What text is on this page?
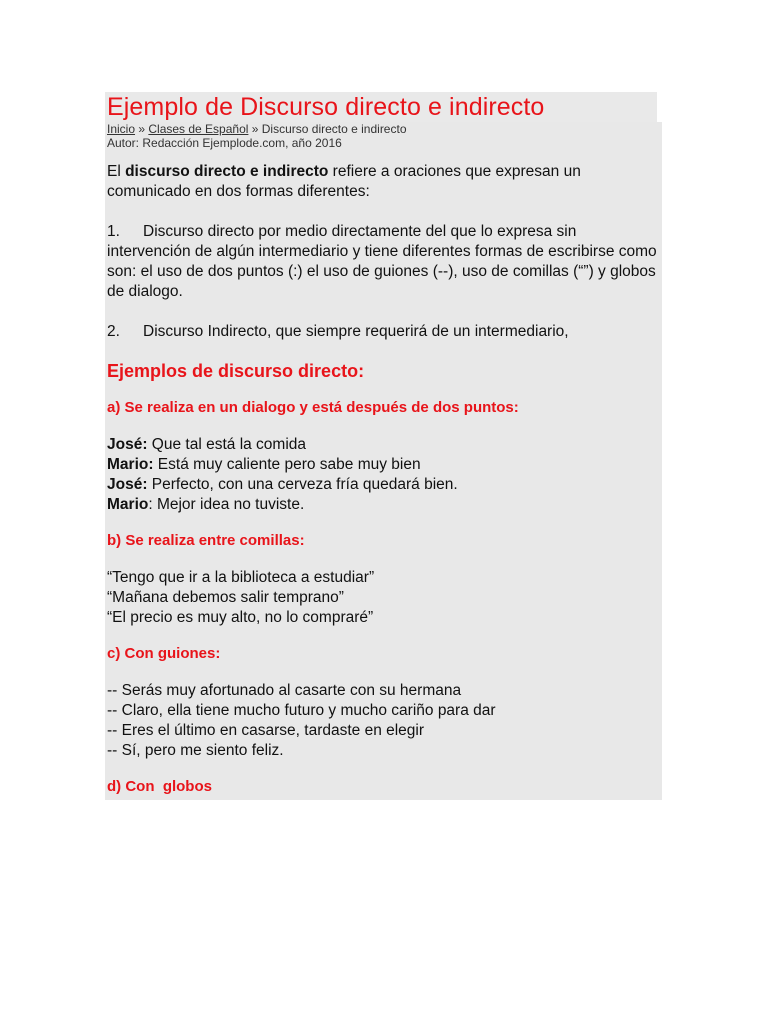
Ejemplo de Discurso directo e indirecto
Inicio » Clases de Español » Discurso directo e indirecto
Autor: Redacción Ejemplode.com, año 2016

El discurso directo e indirecto refiere a oraciones que expresan un comunicado en dos formas diferentes:

1. Discurso directo por medio directamente del que lo expresa sin intervención de algún intermediario y tiene diferentes formas de escribirse como son: el uso de dos puntos (:) el uso de guiones (--), uso de comillas (“”) y globos de dialogo.

2. Discurso Indirecto, que siempre requerirá de un intermediario,

Ejemplos de discurso directo:
a) Se realiza en un dialogo y está después de dos puntos:
José: Que tal está la comida
Mario: Está muy caliente pero sabe muy bien
José: Perfecto, con una cerveza fría quedará bien.
Mario: Mejor idea no tuviste.
b) Se realiza entre comillas:
“Tengo que ir a la biblioteca a estudiar”
“Mañana debemos salir temprano”
“El precio es muy alto, no lo compraré”
c) Con guiones:
-- Serás muy afortunado al casarte con su hermana
-- Claro, ella tiene mucho futuro y mucho cariño para dar
-- Eres el último en casarse, tardaste en elegir
-- Sí, pero me siento feliz.
d) Con  globos
